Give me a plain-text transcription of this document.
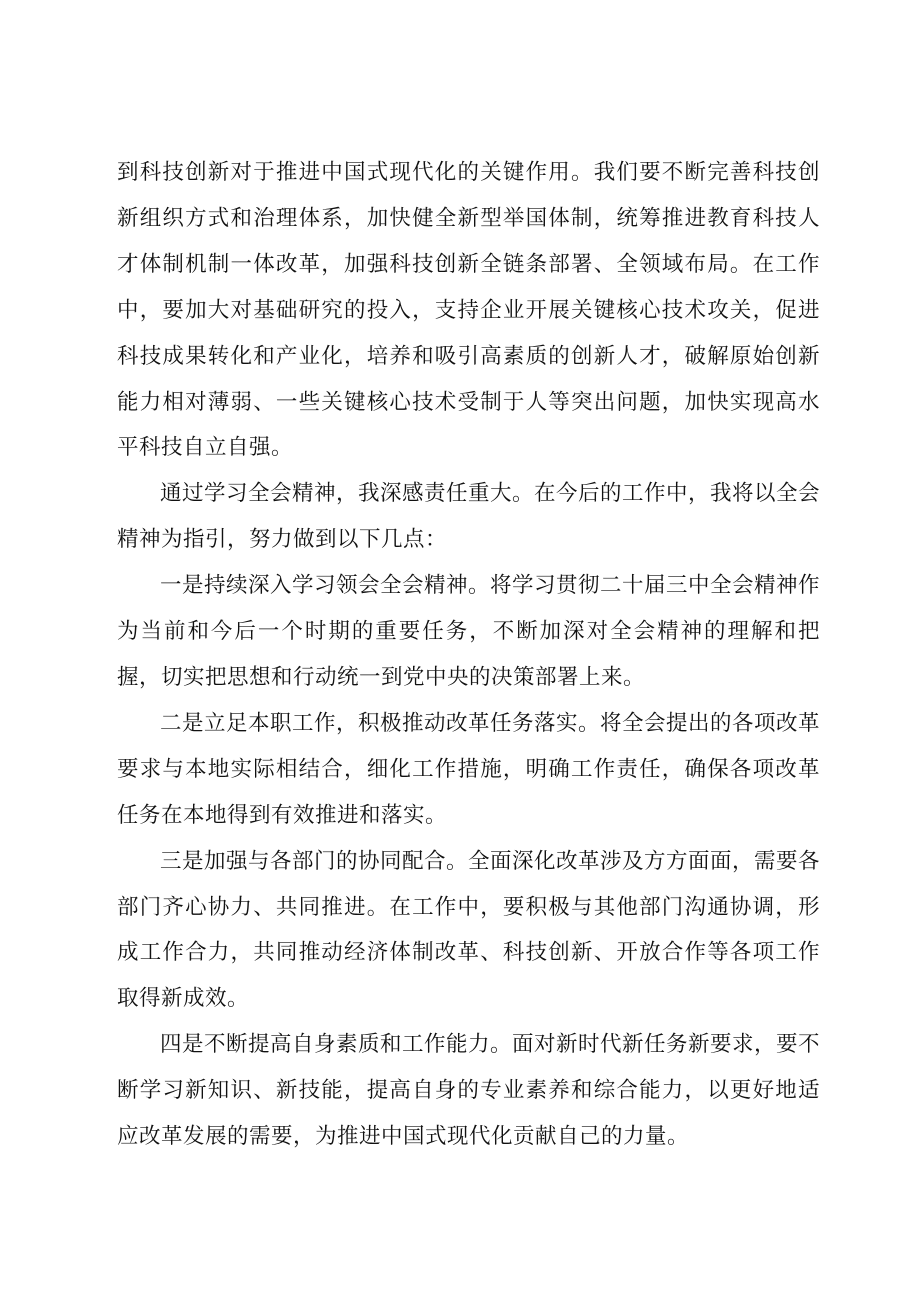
到科技创新对于推进中国式现代化的关键作用。我们要不断完善科技创新组织方式和治理体系，加快健全新型举国体制，统筹推进教育科技人才体制机制一体改革，加强科技创新全链条部署、全领域布局。在工作中，要加大对基础研究的投入，支持企业开展关键核心技术攻关，促进科技成果转化和产业化，培养和吸引高素质的创新人才，破解原始创新能力相对薄弱、一些关键核心技术受制于人等突出问题，加快实现高水平科技自立自强。

通过学习全会精神，我深感责任重大。在今后的工作中，我将以全会精神为指引，努力做到以下几点：

一是持续深入学习领会全会精神。将学习贯彻二十届三中全会精神作为当前和今后一个时期的重要任务，不断加深对全会精神的理解和把握，切实把思想和行动统一到党中央的决策部署上来。

二是立足本职工作，积极推动改革任务落实。将全会提出的各项改革要求与本地实际相结合，细化工作措施，明确工作责任，确保各项改革任务在本地得到有效推进和落实。

三是加强与各部门的协同配合。全面深化改革涉及方方面面，需要各部门齐心协力、共同推进。在工作中，要积极与其他部门沟通协调，形成工作合力，共同推动经济体制改革、科技创新、开放合作等各项工作取得新成效。

四是不断提高自身素质和工作能力。面对新时代新任务新要求，要不断学习新知识、新技能，提高自身的专业素养和综合能力，以更好地适应改革发展的需要，为推进中国式现代化贡献自己的力量。
